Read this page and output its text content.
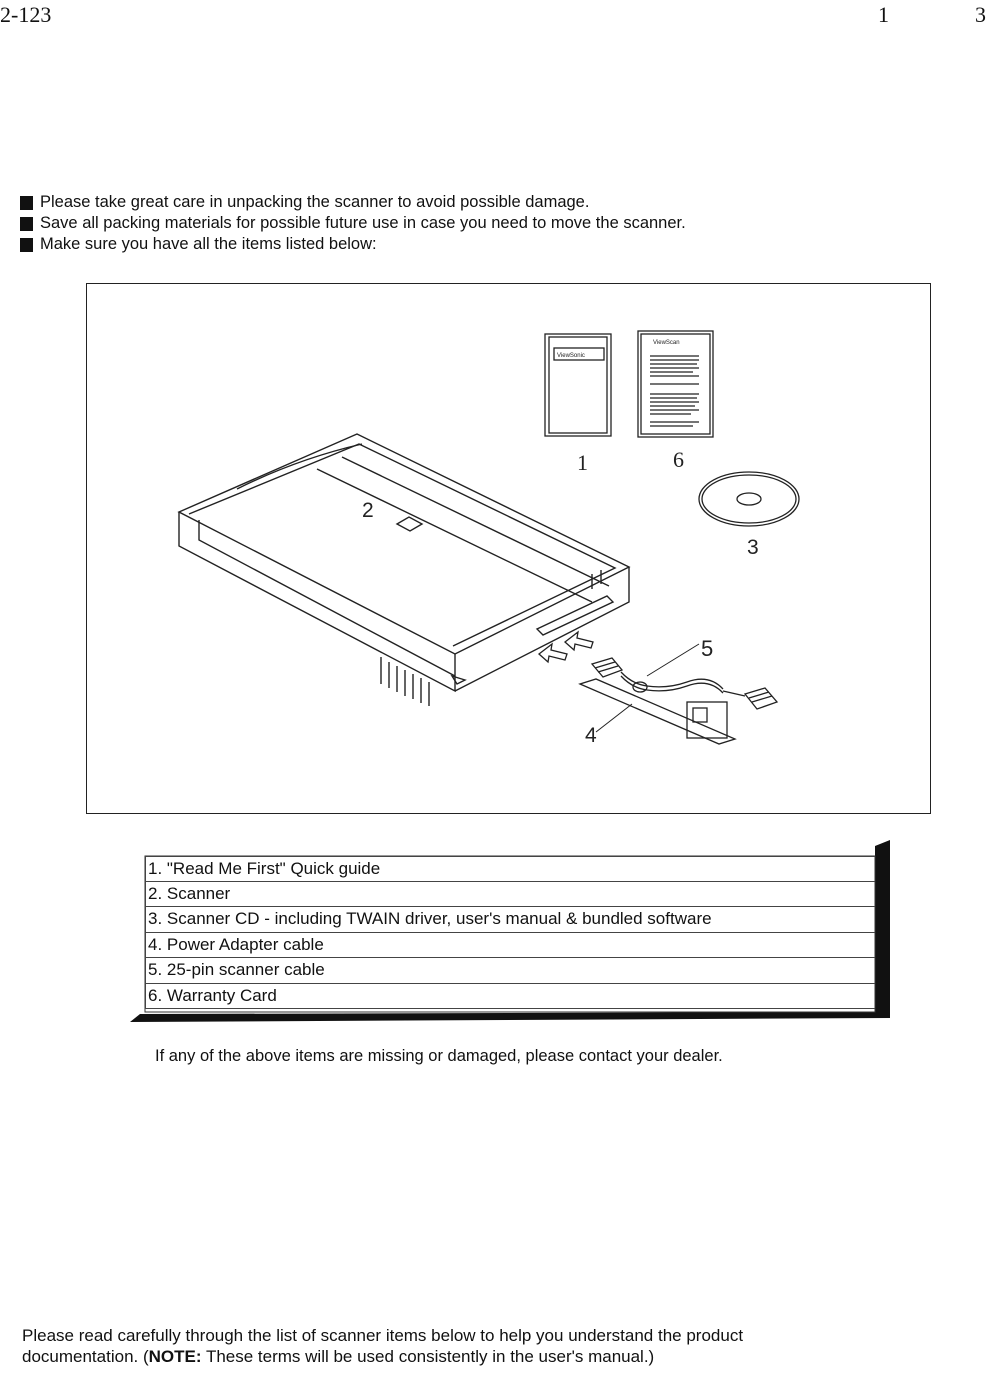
2-123	1	3
Please take great care in unpacking the scanner to avoid possible damage.
Save all packing materials for possible future use in case you need to move the scanner.
Make sure you have all the items listed below:
ViewSonic
ViewScan
1	6
2
3
5
4
1. "Read Me First" Quick guide
2. Scanner
3. Scanner CD - including TWAIN driver, user's manual & bundled software
4. Power Adapter cable
5. 25-pin scanner cable
6. Warranty Card
If any of the above items are missing or damaged, please contact your dealer.
Please read carefully through the list of scanner items below to help you understand the product
documentation. (NOTE: These terms will be used consistently in the user's manual.)
